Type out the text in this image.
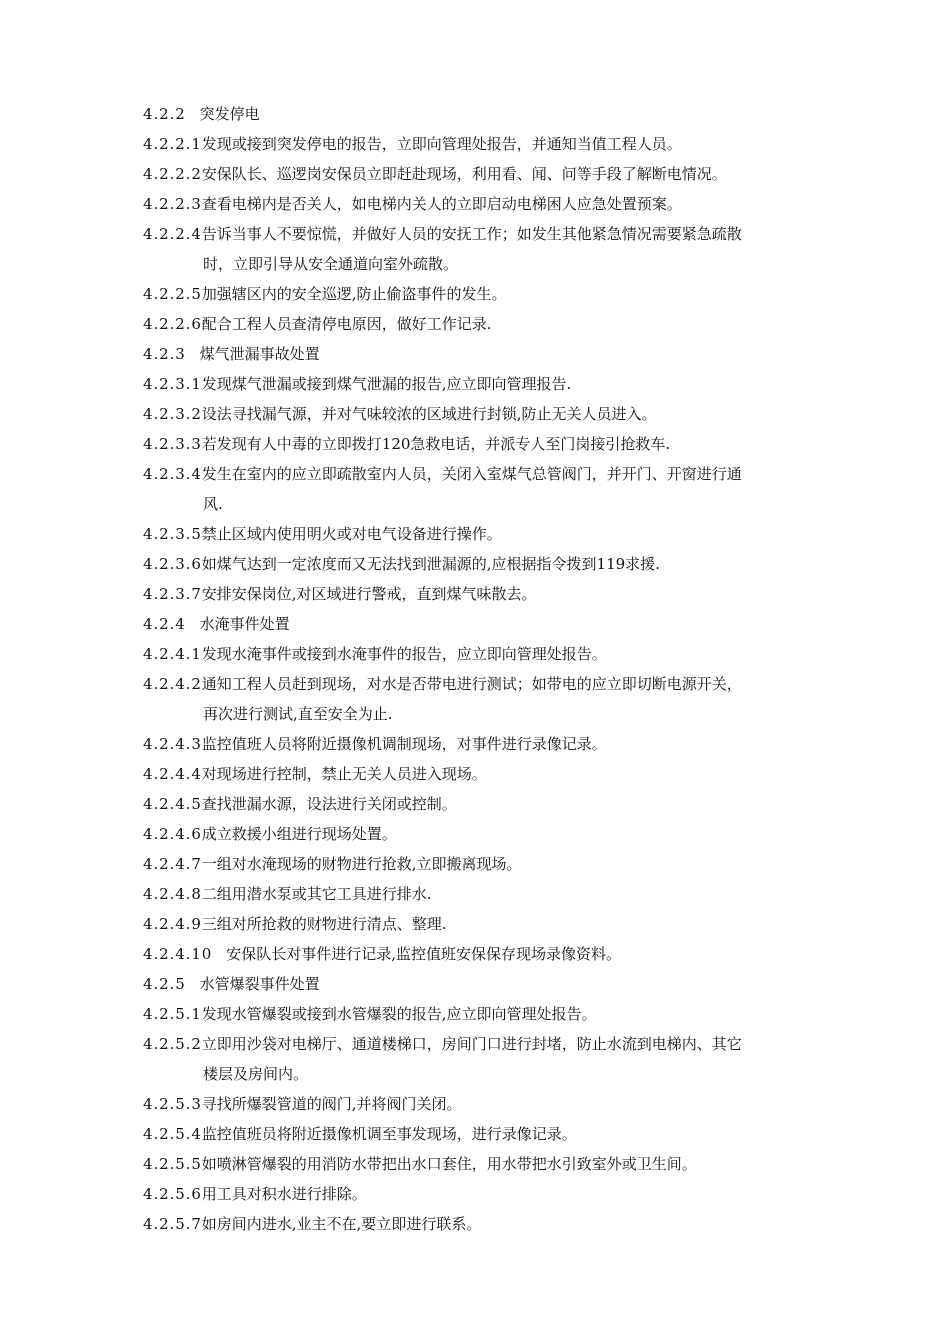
4.2.2 突发停电
4.2.2.1发现或接到突发停电的报告，立即向管理处报告，并通知当值工程人员。
4.2.2.2安保队长、巡逻岗安保员立即赶赴现场，利用看、闻、问等手段了解断电情况。
4.2.2.3查看电梯内是否关人，如电梯内关人的立即启动电梯困人应急处置预案。
4.2.2.4告诉当事人不要惊慌，并做好人员的安抚工作；如发生其他紧急情况需要紧急疏散
时，立即引导从安全通道向室外疏散。
4.2.2.5加强辖区内的安全巡逻,防止偷盗事件的发生。
4.2.2.6配合工程人员查清停电原因，做好工作记录.
4.2.3 煤气泄漏事故处置
4.2.3.1发现煤气泄漏或接到煤气泄漏的报告,应立即向管理报告.
4.2.3.2设法寻找漏气源，并对气味较浓的区域进行封锁,防止无关人员进入。
4.2.3.3若发现有人中毒的立即拨打120急救电话，并派专人至门岗接引抢救车.
4.2.3.4发生在室内的应立即疏散室内人员，关闭入室煤气总管阀门，并开门、开窗进行通
风.
4.2.3.5禁止区域内使用明火或对电气设备进行操作。
4.2.3.6如煤气达到一定浓度而又无法找到泄漏源的,应根据指令拨到119求援.
4.2.3.7安排安保岗位,对区域进行警戒，直到煤气味散去。
4.2.4 水淹事件处置
4.2.4.1发现水淹事件或接到水淹事件的报告，应立即向管理处报告。
4.2.4.2通知工程人员赶到现场，对水是否带电进行测试；如带电的应立即切断电源开关，
再次进行测试,直至安全为止.
4.2.4.3监控值班人员将附近摄像机调制现场，对事件进行录像记录。
4.2.4.4对现场进行控制，禁止无关人员进入现场。
4.2.4.5查找泄漏水源，设法进行关闭或控制。
4.2.4.6成立救援小组进行现场处置。
4.2.4.7一组对水淹现场的财物进行抢救,立即搬离现场。
4.2.4.8二组用潜水泵或其它工具进行排水.
4.2.4.9三组对所抢救的财物进行清点、整理.
4.2.4.10 安保队长对事件进行记录,监控值班安保保存现场录像资料。
4.2.5 水管爆裂事件处置
4.2.5.1发现水管爆裂或接到水管爆裂的报告,应立即向管理处报告。
4.2.5.2立即用沙袋对电梯厅、通道楼梯口，房间门口进行封堵，防止水流到电梯内、其它
楼层及房间内。
4.2.5.3寻找所爆裂管道的阀门,并将阀门关闭。
4.2.5.4监控值班员将附近摄像机调至事发现场，进行录像记录。
4.2.5.5如喷淋管爆裂的用消防水带把出水口套住，用水带把水引致室外或卫生间。
4.2.5.6用工具对积水进行排除。
4.2.5.7如房间内进水,业主不在,要立即进行联系。
